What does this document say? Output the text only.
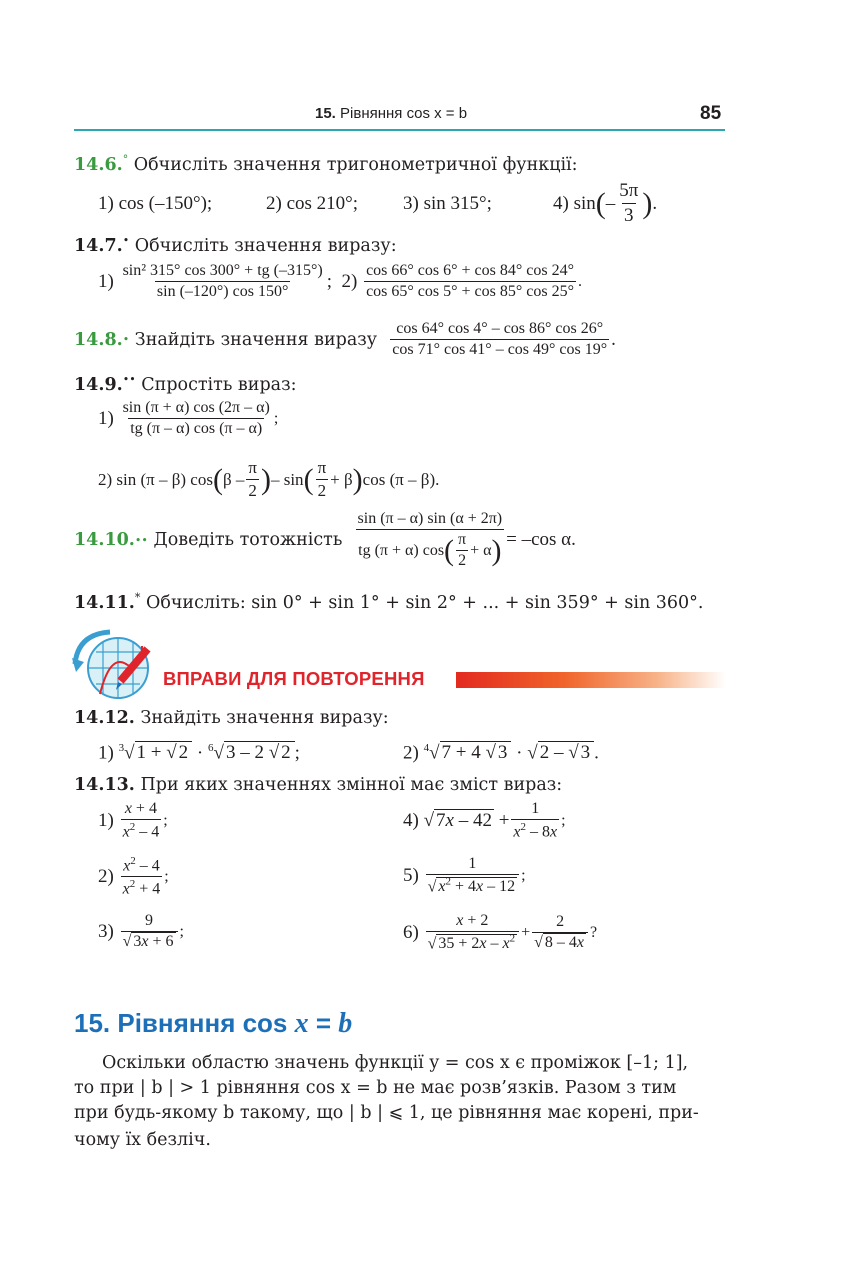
15. Рівняння cos x = b	85
14.6.° Обчисліть значення тригонометричної функції:
1) cos (–150°);	2) cos 210°; 3) sin 315°;	4) sin ( – $\frac{5\pi}{3}$ ) .
14.7.• Обчисліть значення виразу:
$1) \frac{\text{sin² 315° cos 300° + tg (–315°)}}{\sin (-120^\circ) \cos 150^\circ}$ ;  $2) \frac{\cos 66^\circ \cos 6^\circ + \cos 84^\circ \cos 24^\circ}{\cos 65^\circ \cos 5^\circ + \cos 85^\circ \cos 25^\circ}$ .
14.8. •
Знайдіть значення виразу
$\frac{\cos 64^\circ \cos 4^\circ - \cos 86^\circ \cos 26^\circ}{\cos 71^\circ \cos 41^\circ - \cos 49^\circ \cos 19^\circ}$ .
14.9.•• Спростіть вираз:
$1) \frac{\sin (\pi + \alpha) \cos (2\pi - \alpha)}{tg (\pi - \alpha) \cos (\pi - \alpha)}$ ;
2) sin (π – β) cos ( β – $\frac{\pi}{2}$ ) – sin ( $\frac{\pi}{2} + \beta$ ) cos (π – β).
14.10. ••
Доведіть тотожність
$\frac{\sin (\pi - \alpha) \sin (\alpha + 2\pi)}{tg (\pi + \alpha) \cos ( \frac{\pi}{2} + \alpha )} = -\cos$ α.
14.11.* Обчисліть: sin 0° + sin 1° + sin 2° + ... + sin 359° + sin 360°.
ВПРАВИ ДЛЯ ПОВТОРЕННЯ
14.12. Знайдіть значення виразу:
1) $^3$√ 1 + √ 2 · $^6$√ 3 – 2 √ 2 ;	2) $^4$√ 7 + 4 √ 3 · √ 2 – √ 3 .
14.13. При яких значеннях змінної має зміст вираз:
$1) \frac{x + 4}{x^2 - 4}$ ;
$2) \frac{x^2 - 4}{x^2 + 4}$ ;
$3) \frac{9}{√ 3x + 6}$ ;
4) √ $7x - 42 + \frac{1}{x^2 - 8x}$ ;
$5) \frac{1}{√ x^2 + 4x - 12}$ ;
$6) \frac{x + 2}{√ 35 + 2x - x^2} + \frac{2}{√ 8 - 4x}$ ?
15. Рівняння cos x = b
Оскільки областю значень функції y = cos x є проміжок [–1; 1],
то при | b | > 1 рівняння cos x = b не має розв’язків. Разом з тим
при будь-якому b такому, що | b | ⩽ 1, це рівняння має корені, при-
чому їх безліч.
